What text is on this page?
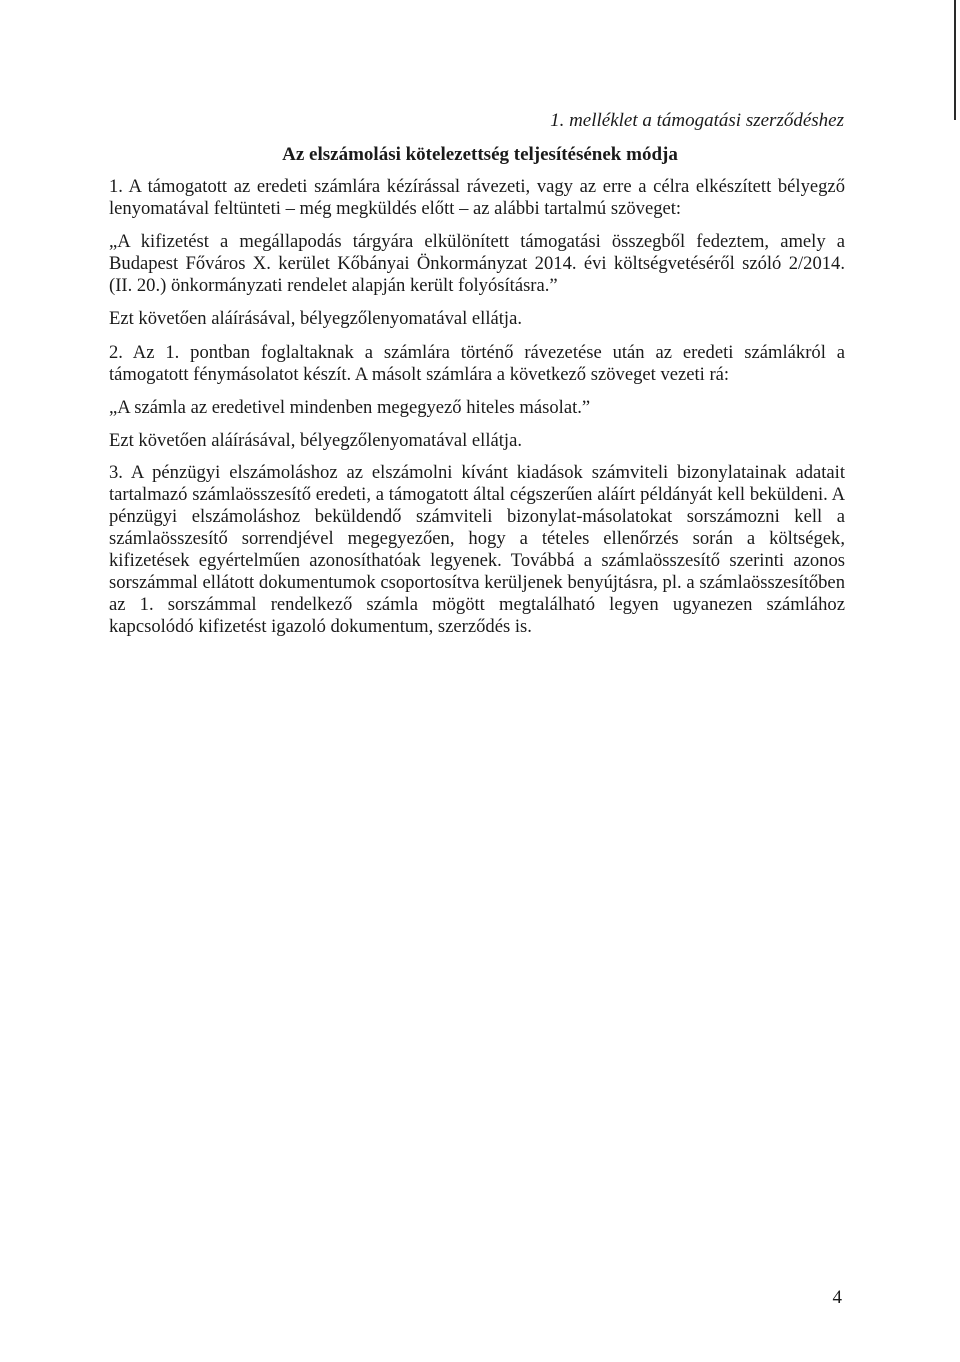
1. melléklet a támogatási szerződéshez
Az elszámolási kötelezettség teljesítésének módja

1. A támogatott az eredeti számlára kézírással rávezeti, vagy az erre a célra elkészített bélyegző lenyomatával feltünteti – még megküldés előtt – az alábbi tartalmú szöveget:

„A kifizetést a megállapodás tárgyára elkülönített támogatási összegből fedeztem, amely a Budapest Főváros X. kerület Kőbányai Önkormányzat 2014. évi költségvetéséről szóló 2/2014. (II. 20.) önkormányzati rendelet alapján került folyósításra.”

Ezt követően aláírásával, bélyegzőlenyomatával ellátja.

2. Az 1. pontban foglaltaknak a számlára történő rávezetése után az eredeti számlákról a támogatott fénymásolatot készít. A másolt számlára a következő szöveget vezeti rá:

„A számla az eredetivel mindenben megegyező hiteles másolat.”

Ezt követően aláírásával, bélyegzőlenyomatával ellátja.

3. A pénzügyi elszámoláshoz az elszámolni kívánt kiadások számviteli bizonylatainak adatait tartalmazó számlaösszesítő eredeti, a támogatott által cégszerűen aláírt példányát kell beküldeni. A pénzügyi elszámoláshoz beküldendő számviteli bizonylat-másolatokat sorszámozni kell a számlaösszesítő sorrendjével megegyezően, hogy a tételes ellenőrzés során a költségek, kifizetések egyértelműen azonosíthatóak legyenek. Továbbá a számlaösszesítő szerinti azonos sorszámmal ellátott dokumentumok csoportosítva kerüljenek benyújtásra, pl. a számlaösszesítőben az 1. sorszámmal rendelkező számla mögött megtalálható legyen ugyanezen számlához kapcsolódó kifizetést igazoló dokumentum, szerződés is.

4
